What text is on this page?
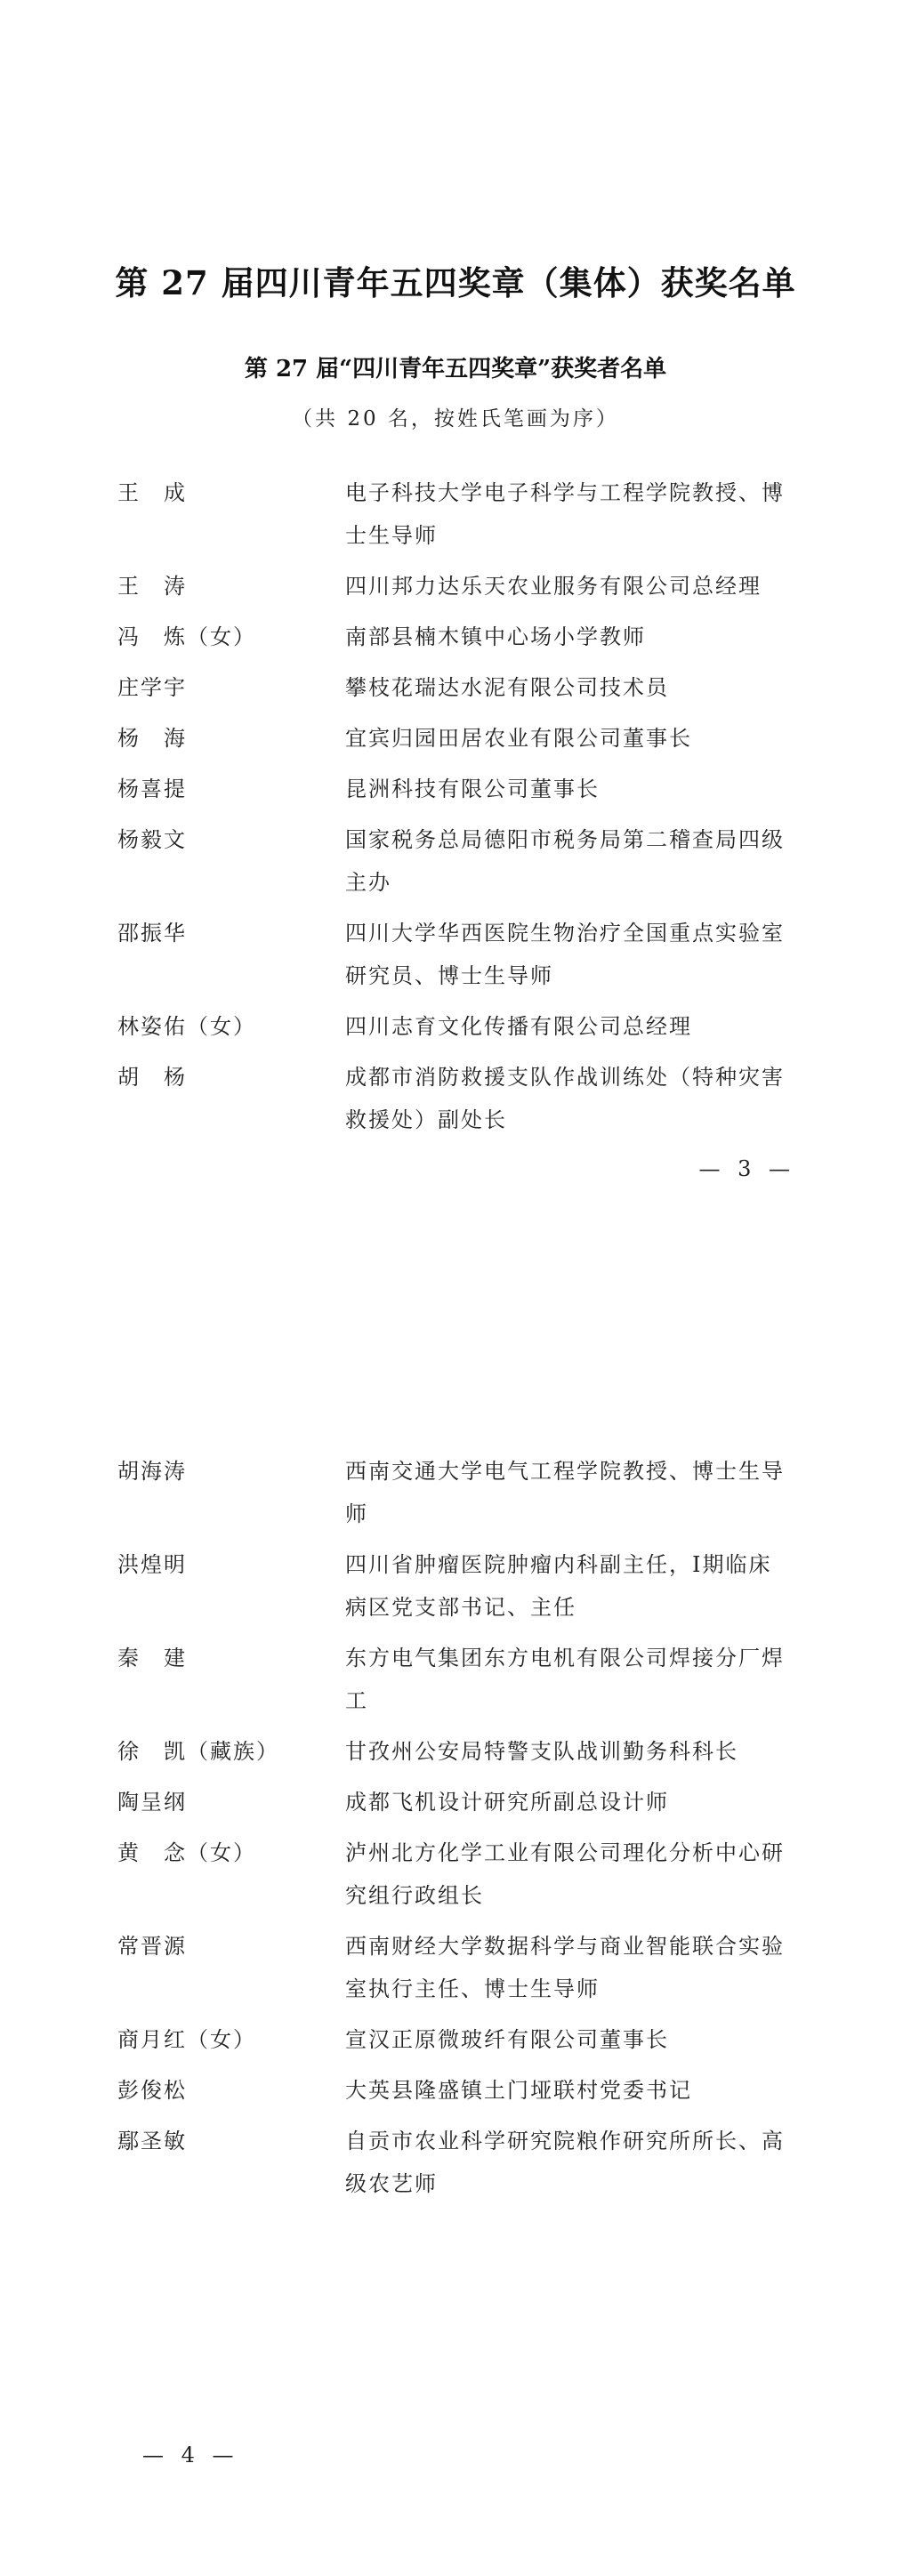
第 27 届四川青年五四奖章（集体）获奖名单
第 27 届“四川青年五四奖章”获奖者名单
（共 20 名，按姓氏笔画为序）
王　成	电子科技大学电子科学与工程学院教授、博士生导师
王　涛	四川邦力达乐天农业服务有限公司总经理
冯　炼（女）	南部县楠木镇中心场小学教师
庄学宇	攀枝花瑞达水泥有限公司技术员
杨　海	宜宾归园田居农业有限公司董事长
杨喜提	昆洲科技有限公司董事长
杨毅文	国家税务总局德阳市税务局第二稽查局四级主办
邵振华	四川大学华西医院生物治疗全国重点实验室研究员、博士生导师
林姿佑（女）	四川志育文化传播有限公司总经理
胡　杨	成都市消防救援支队作战训练处（特种灾害救援处）副处长
— 3 —
胡海涛	西南交通大学电气工程学院教授、博士生导师
洪煌明	四川省肿瘤医院肿瘤内科副主任，Ⅰ期临床病区党支部书记、主任
秦　建	东方电气集团东方电机有限公司焊接分厂焊工
徐　凯（藏族）	甘孜州公安局特警支队战训勤务科科长
陶呈纲	成都飞机设计研究所副总设计师
黄　念（女）	泸州北方化学工业有限公司理化分析中心研究组行政组长
常晋源	西南财经大学数据科学与商业智能联合实验室执行主任、博士生导师
商月红（女）	宣汉正原微玻纤有限公司董事长
彭俊松	大英县隆盛镇土门垭联村党委书记
鄢圣敏	自贡市农业科学研究院粮作研究所所长、高级农艺师
— 4 —
